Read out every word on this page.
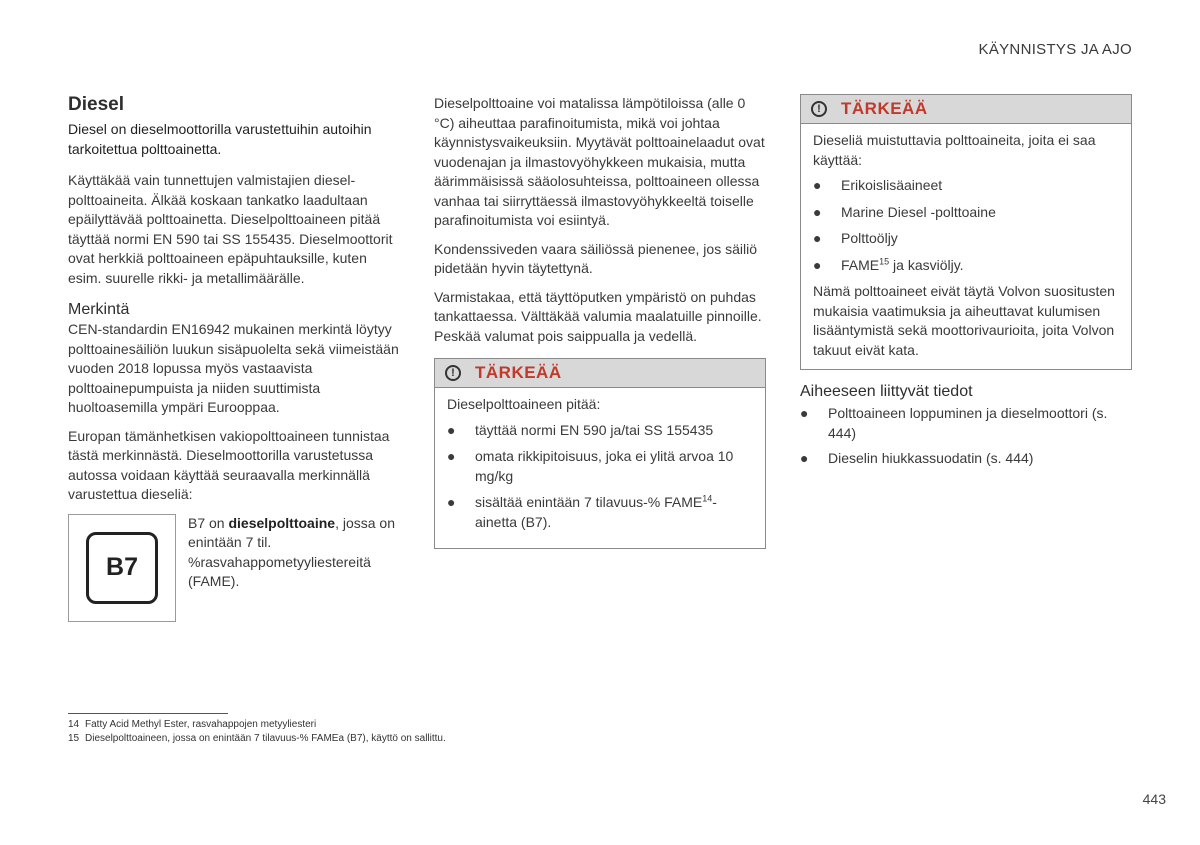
KÄYNNISTYS JA AJO
Diesel

Diesel on dieselmoottorilla varustettuihin autoihin tarkoitettua polttoainetta.

Käyttäkää vain tunnettujen valmistajien diesel-polttoaineita. Älkää koskaan tankatko laadultaan epäilyttävää polttoainetta. Dieselpolttoaineen pitää täyttää normi EN 590 tai SS 155435. Dieselmoottorit ovat herkkiä polttoaineen epäpuhtauksille, kuten esim. suurelle rikki- ja metallimäärälle.

Merkintä

CEN-standardin EN16942 mukainen merkintä löytyy polttoainesäiliön luukun sisäpuolelta sekä viimeistään vuoden 2018 lopussa myös vastaavista polttoainepumpuista ja niiden suuttimista huoltoasemilla ympäri Eurooppaa.

Europan tämänhetkisen vakiopolttoaineen tunnistaa tästä merkinnästä. Dieselmoottorilla varustetussa autossa voidaan käyttää seuraavalla merkinnällä varustettua dieseliä:

B7

B7 on dieselpolttoaine, jossa on enintään 7 til. %rasvahappometyyliestereitä (FAME).

Dieselpolttoaine voi matalissa lämpötiloissa (alle 0 °C) aiheuttaa parafinoitumista, mikä voi johtaa käynnistysvaikeuksiin. Myytävät polttoainelaadut ovat vuodenajan ja ilmastovyöhykkeen mukaisia, mutta äärimmäisissä sääolosuhteissa, polttoaineen ollessa vanhaa tai siirryttäessä ilmastovyöhykkeeltä toiselle parafinoitumista voi esiintyä.

Kondenssiveden vaara säiliössä pienenee, jos säiliö pidetään hyvin täytettynä.

Varmistakaa, että täyttöputken ympäristö on puhdas tankattaessa. Välttäkää valumia maalatuille pinnoille. Peskää valumat pois saippualla ja vedellä.

!	TÄRKEÄÄ

Dieselpolttoaineen pitää:

●	täyttää normi EN 590 ja/tai SS 155435

●	omata rikkipitoisuus, joka ei ylitä arvoa 10 mg/kg

●	sisältää enintään 7 tilavuus-% FAME$^{14}$-ainetta (B7).

!	TÄRKEÄÄ

Dieseliä muistuttavia polttoaineita, joita ei saa käyttää:

●	Erikoislisäaineet

●	Marine Diesel -polttoaine

●	Polttoöljy

●	FAME$^{15}$ ja kasviöljy.

Nämä polttoaineet eivät täytä Volvon suositusten mukaisia vaatimuksia ja aiheuttavat kulumisen lisääntymistä sekä moottorivaurioita, joita Volvon takuut eivät kata.

Aiheeseen liittyvät tiedot
●	Polttoaineen loppuminen ja dieselmoottori (s. 444)

●	Dieselin hiukkassuodatin (s. 444)

14 Fatty Acid Methyl Ester, rasvahappojen metyyliesteri
15 Dieselpolttoaineen, jossa on enintään 7 tilavuus-% FAMEa (B7), käyttö on sallittu.
443
